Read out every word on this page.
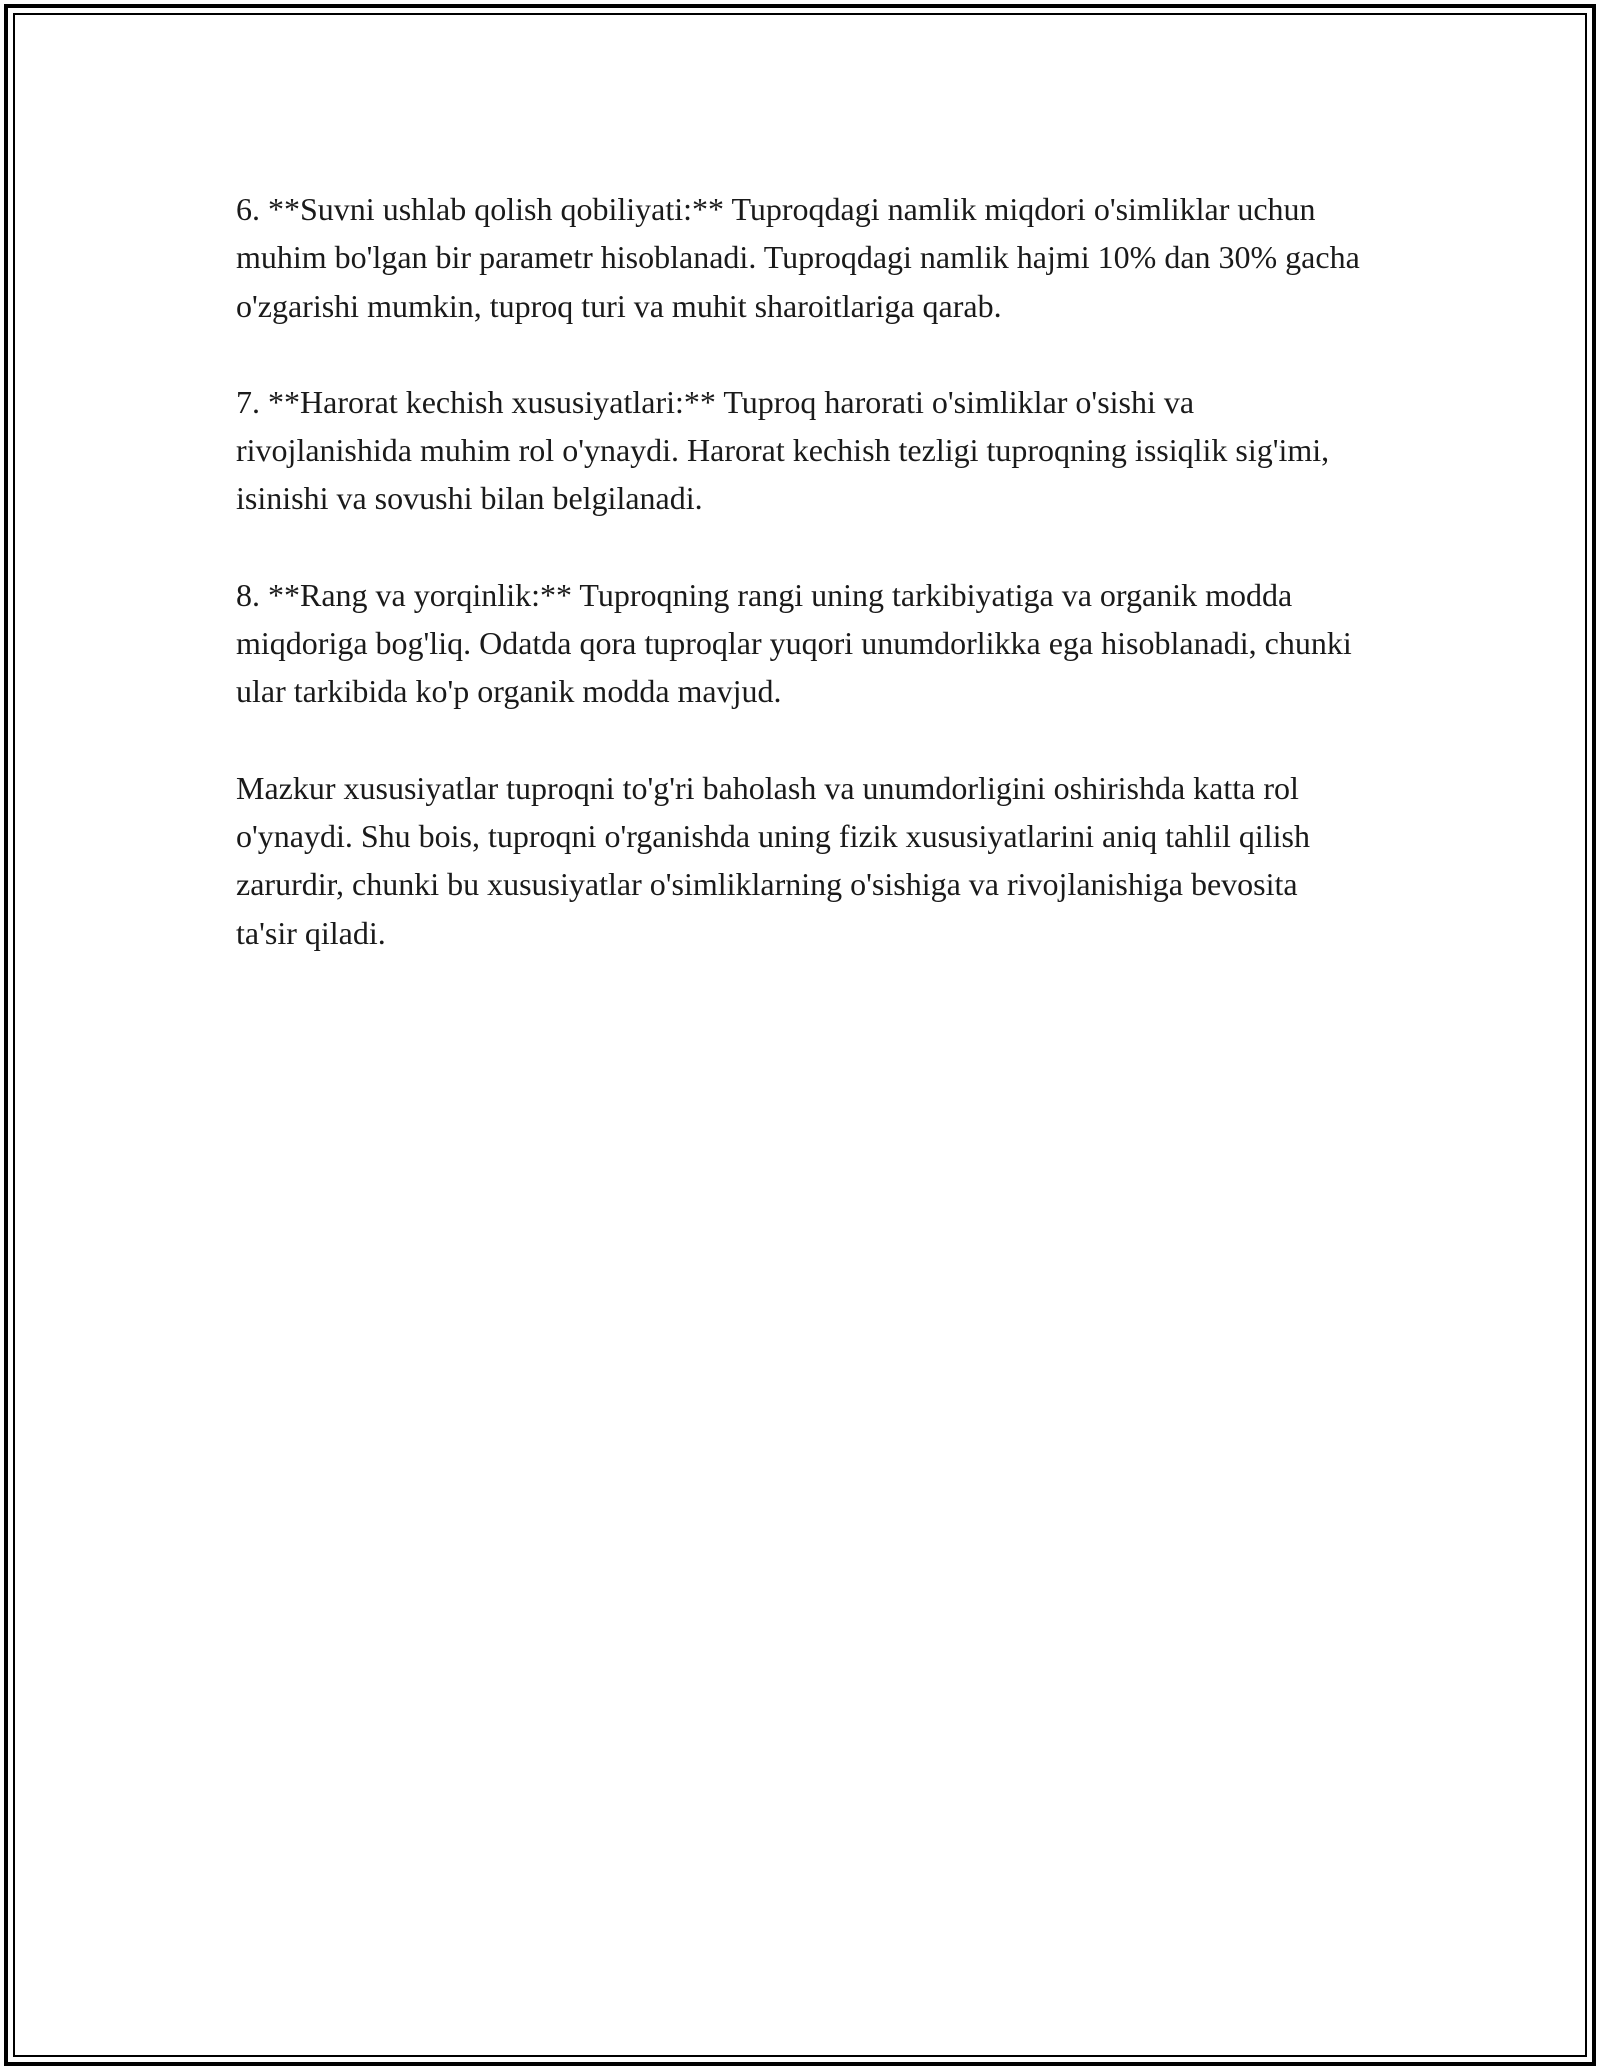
6. **Suvni ushlab qolish qobiliyati:** Tuproqdagi namlik miqdori o'simliklar uchun muhim bo'lgan bir parametr hisoblanadi. Tuproqdagi namlik hajmi 10% dan 30% gacha o'zgarishi mumkin, tuproq turi va muhit sharoitlariga qarab.

7. **Harorat kechish xususiyatlari:** Tuproq harorati o'simliklar o'sishi va rivojlanishida muhim rol o'ynaydi. Harorat kechish tezligi tuproqning issiqlik sig'imi, isinishi va sovushi bilan belgilanadi.

8. **Rang va yorqinlik:** Tuproqning rangi uning tarkibiyatiga va organik modda miqdoriga bog'liq. Odatda qora tuproqlar yuqori unumdorlikka ega hisoblanadi, chunki ular tarkibida ko'p organik modda mavjud.

Mazkur xususiyatlar tuproqni to'g'ri baholash va unumdorligini oshirishda katta rol o'ynaydi. Shu bois, tuproqni o'rganishda uning fizik xususiyatlarini aniq tahlil qilish zarurdir, chunki bu xususiyatlar o'simliklarning o'sishiga va rivojlanishiga bevosita ta'sir qiladi.
